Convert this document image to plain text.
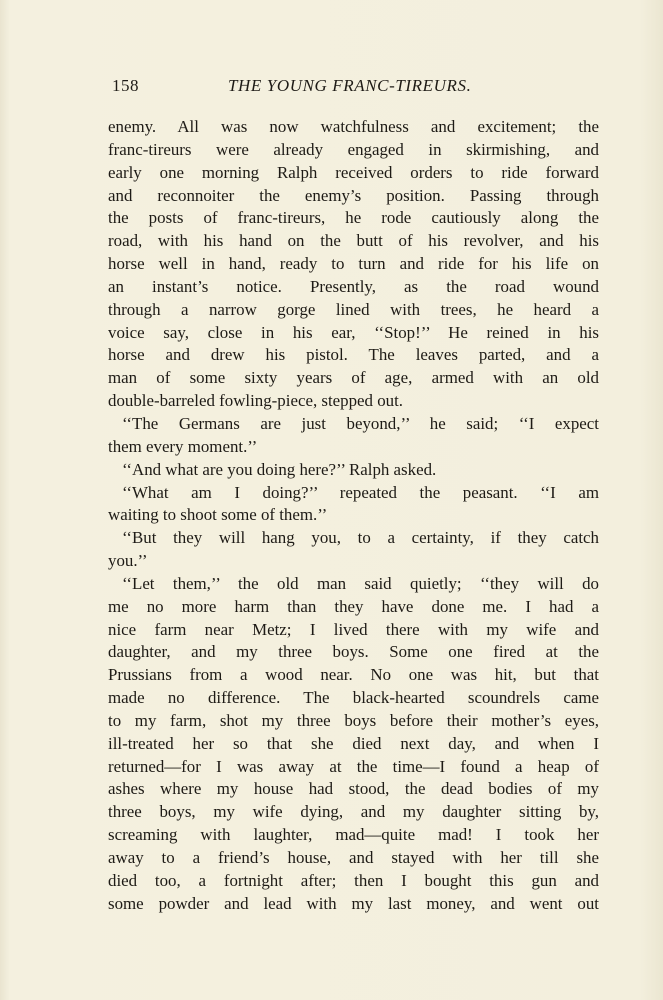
158	THE YOUNG FRANC-TIREURS.
enemy. All was now watchfulness and excitement; the
franc-tireurs were already engaged in skirmishing, and
early one morning Ralph received orders to ride forward
and reconnoiter the enemy’s position. Passing through
the posts of franc-tireurs, he rode cautiously along the
road, with his hand on the butt of his revolver, and his
horse well in hand, ready to turn and ride for his life on
an instant’s notice. Presently, as the road wound
through a narrow gorge lined with trees, he heard a
voice say, close in his ear, ‘‘Stop!’’ He reined in his
horse and drew his pistol. The leaves parted, and a
man of some sixty years of age, armed with an old
double-barreled fowling-piece, stepped out.
‘‘The Germans are just beyond,’’ he said; ‘‘I expect
them every moment.’’
‘‘And what are you doing here?’’ Ralph asked.
‘‘What am I doing?’’ repeated the peasant. ‘‘I am
waiting to shoot some of them.’’
‘‘But they will hang you, to a certainty, if they catch
you.’’
‘‘Let them,’’ the old man said quietly; ‘‘they will do
me no more harm than they have done me. I had a
nice farm near Metz; I lived there with my wife and
daughter, and my three boys. Some one fired at the
Prussians from a wood near. No one was hit, but that
made no difference. The black-hearted scoundrels came
to my farm, shot my three boys before their mother’s eyes,
ill-treated her so that she died next day, and when I
returned—for I was away at the time—I found a heap of
ashes where my house had stood, the dead bodies of my
three boys, my wife dying, and my daughter sitting by,
screaming with laughter, mad—quite mad! I took her
away to a friend’s house, and stayed with her till she
died too, a fortnight after; then I bought this gun and
some powder and lead with my last money, and went out
